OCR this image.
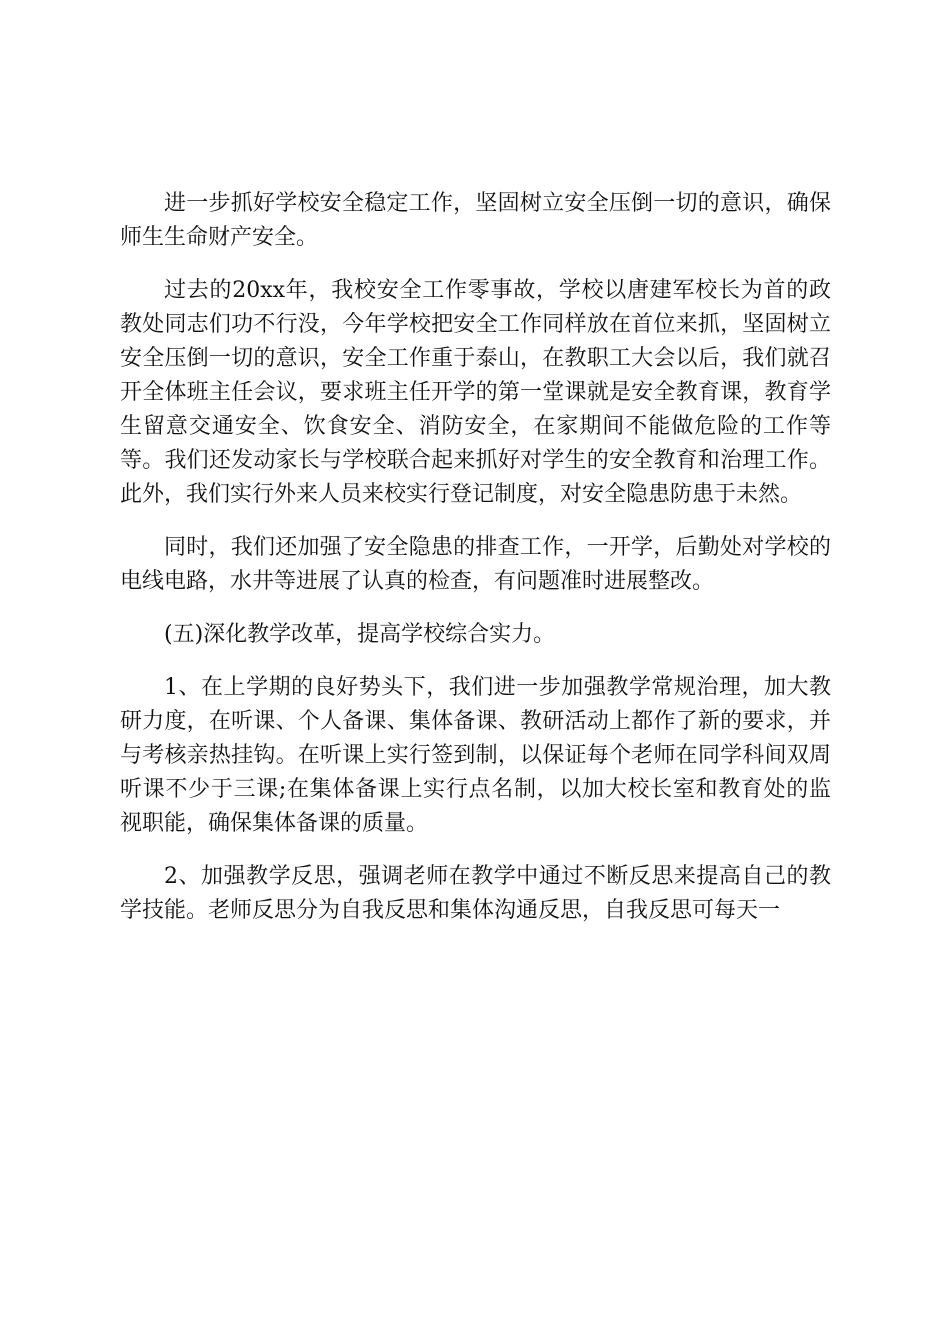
进一步抓好学校安全稳定工作，坚固树立安全压倒一切的意识，确保师生生命财产安全。

过去的20xx年，我校安全工作零事故，学校以唐建军校长为首的政教处同志们功不行没，今年学校把安全工作同样放在首位来抓，坚固树立安全压倒一切的意识，安全工作重于泰山，在教职工大会以后，我们就召开全体班主任会议，要求班主任开学的第一堂课就是安全教育课，教育学生留意交通安全、饮食安全、消防安全，在家期间不能做危险的工作等等。我们还发动家长与学校联合起来抓好对学生的安全教育和治理工作。此外，我们实行外来人员来校实行登记制度，对安全隐患防患于未然。

同时，我们还加强了安全隐患的排查工作，一开学，后勤处对学校的电线电路，水井等进展了认真的检查，有问题准时进展整改。

(五)深化教学改革，提高学校综合实力。

1、在上学期的良好势头下，我们进一步加强教学常规治理，加大教研力度，在听课、个人备课、集体备课、教研活动上都作了新的要求，并与考核亲热挂钩。在听课上实行签到制，以保证每个老师在同学科间双周听课不少于三课;在集体备课上实行点名制，以加大校长室和教育处的监视职能，确保集体备课的质量。

2、加强教学反思，强调老师在教学中通过不断反思来提高自己的教学技能。老师反思分为自我反思和集体沟通反思，自我反思可每天一
